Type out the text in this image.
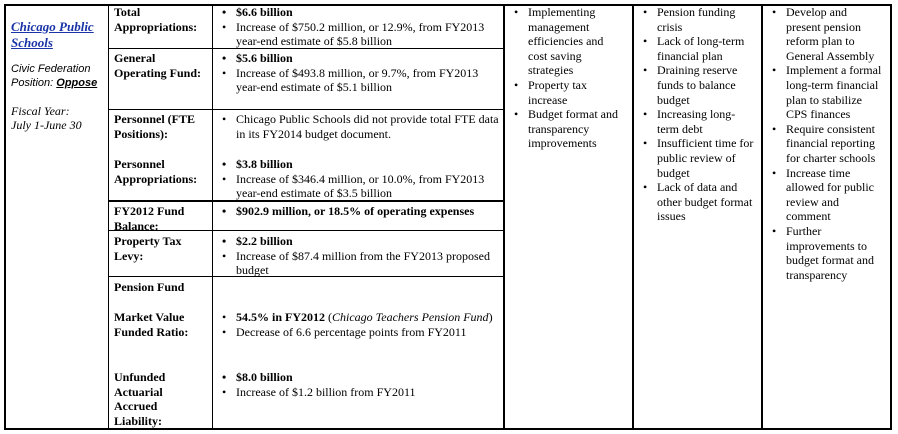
Chicago Public
Schools
Civic Federation Position: Oppose
Fiscal Year:
July 1-June 30
Total
Appropriations:
General
Operating Fund:
Personnel (FTE
Positions):
Personnel
Appropriations:
FY2012 Fund
Balance:
Property Tax
Levy:
Pension Fund
Market Value
Funded Ratio:
Unfunded
Actuarial
Accrued
Liability:
• $6.6 billion
• Increase of $750.2 million, or 12.9%, from FY2013
year-end estimate of $5.8 billion
• $5.6 billion
• Increase of $493.8 million, or 9.7%, from FY2013
year-end estimate of $5.1 billion
• Chicago Public Schools did not provide total FTE data
in its FY2014 budget document.
• $3.8 billion
• Increase of $346.4 million, or 10.0%, from FY2013
year-end estimate of $3.5 billion
• $902.9 million, or 18.5% of operating expenses
• $2.2 billion
• Increase of $87.4 million from the FY2013 proposed
budget
• 54.5% in FY2012 (Chicago Teachers Pension Fund)
• Decrease of 6.6 percentage points from FY2011
• $8.0 billion
• Increase of $1.2 billion from FY2011
• Implementing
management
efficiencies and
cost saving
strategies
• Property tax
increase
• Budget format and
transparency
improvements
• Pension funding
crisis
• Lack of long-term
financial plan
• Draining reserve
funds to balance
budget
• Increasing long-
term debt
• Insufficient time for
public review of
budget
• Lack of data and
other budget format
issues
• Develop and
present pension
reform plan to
General Assembly
• Implement a formal
long-term financial
plan to stabilize
CPS finances
• Require consistent
financial reporting
for charter schools
• Increase time
allowed for public
review and
comment
• Further
improvements to
budget format and
transparency
